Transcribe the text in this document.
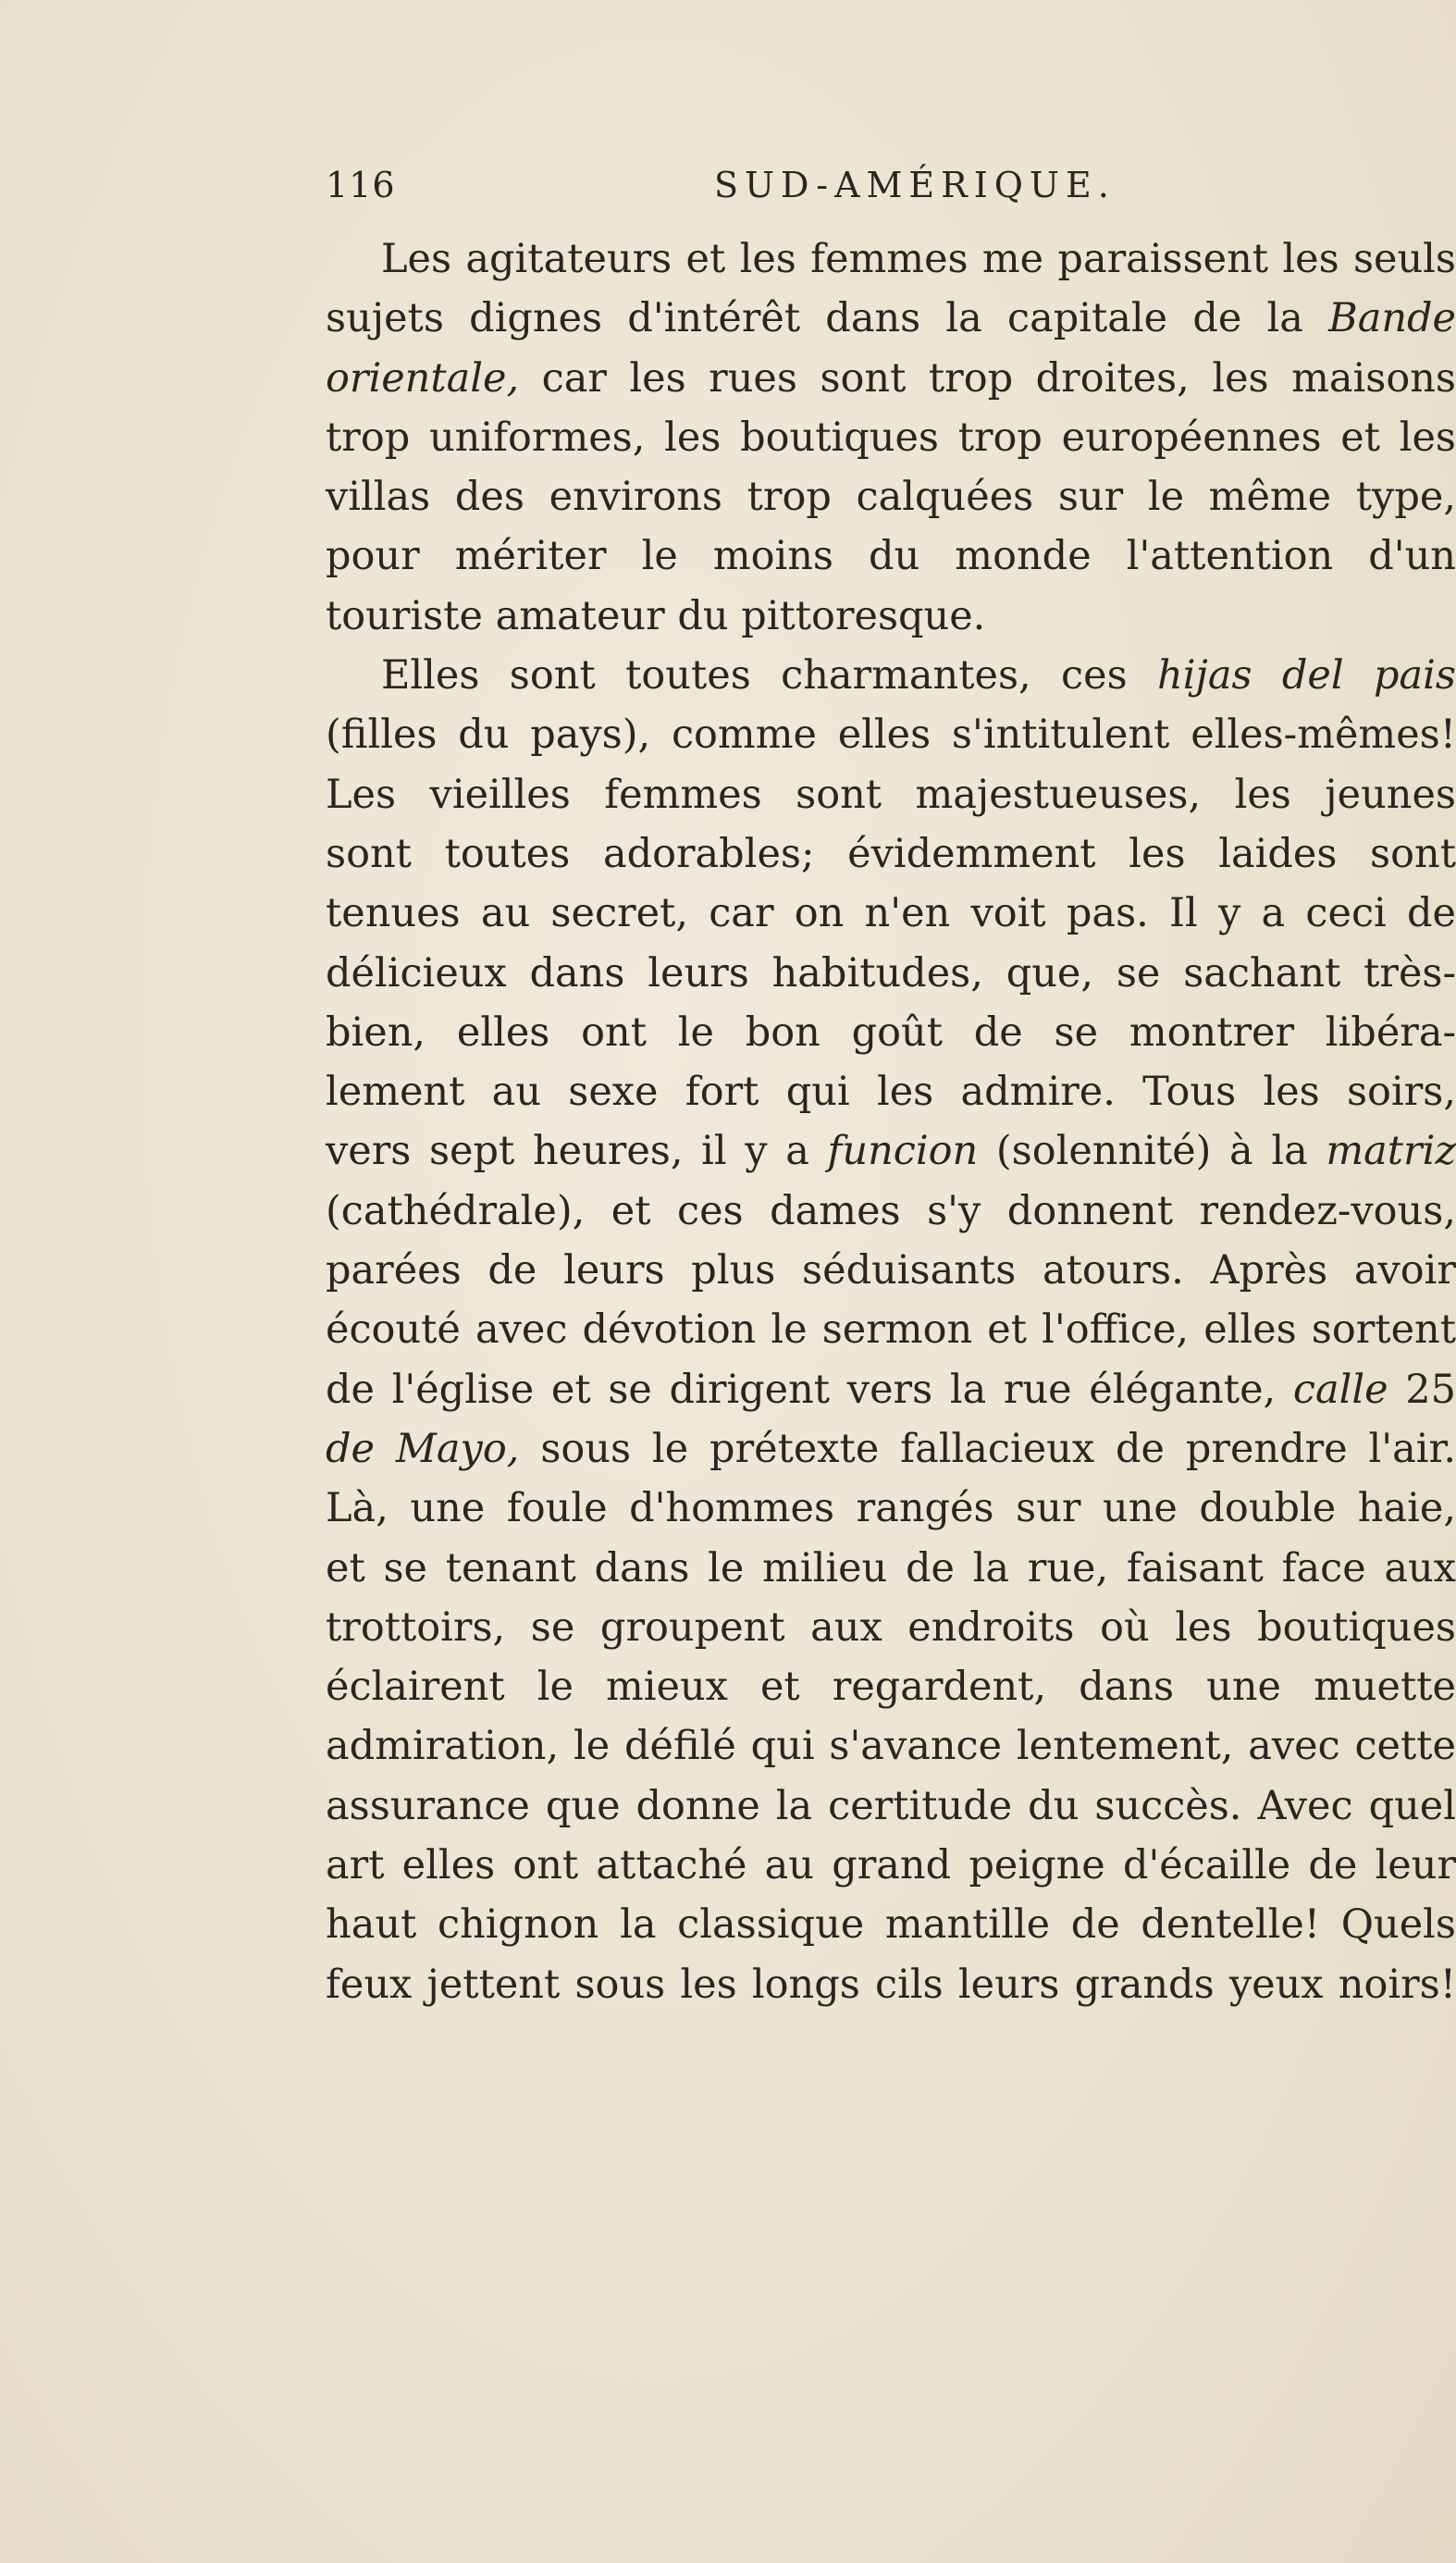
116	SUD-AMÉRIQUE.
Les agitateurs et les femmes me paraissent les seuls
sujets dignes d'intérêt dans la capitale de la Bande
orientale, car les rues sont trop droites, les maisons
trop uniformes, les boutiques trop européennes et les
villas des environs trop calquées sur le même type,
pour mériter le moins du monde l'attention d'un
touriste amateur du pittoresque.
Elles sont toutes charmantes, ces hijas del pais
(filles du pays), comme elles s'intitulent elles-mêmes!
Les vieilles femmes sont majestueuses, les jeunes
sont toutes adorables; évidemment les laides sont
tenues au secret, car on n'en voit pas. Il y a ceci de
délicieux dans leurs habitudes, que, se sachant très-
bien, elles ont le bon goût de se montrer libéra-
lement au sexe fort qui les admire. Tous les soirs,
vers sept heures, il y a funcion (solennité) à la matriz
(cathédrale), et ces dames s'y donnent rendez-vous,
parées de leurs plus séduisants atours. Après avoir
écouté avec dévotion le sermon et l'office, elles sortent
de l'église et se dirigent vers la rue élégante, calle 25
de Mayo, sous le prétexte fallacieux de prendre l'air.
Là, une foule d'hommes rangés sur une double haie,
et se tenant dans le milieu de la rue, faisant face aux
trottoirs, se groupent aux endroits où les boutiques
éclairent le mieux et regardent, dans une muette
admiration, le défilé qui s'avance lentement, avec cette
assurance que donne la certitude du succès. Avec quel
art elles ont attaché au grand peigne d'écaille de leur
haut chignon la classique mantille de dentelle! Quels
feux jettent sous les longs cils leurs grands yeux noirs!
